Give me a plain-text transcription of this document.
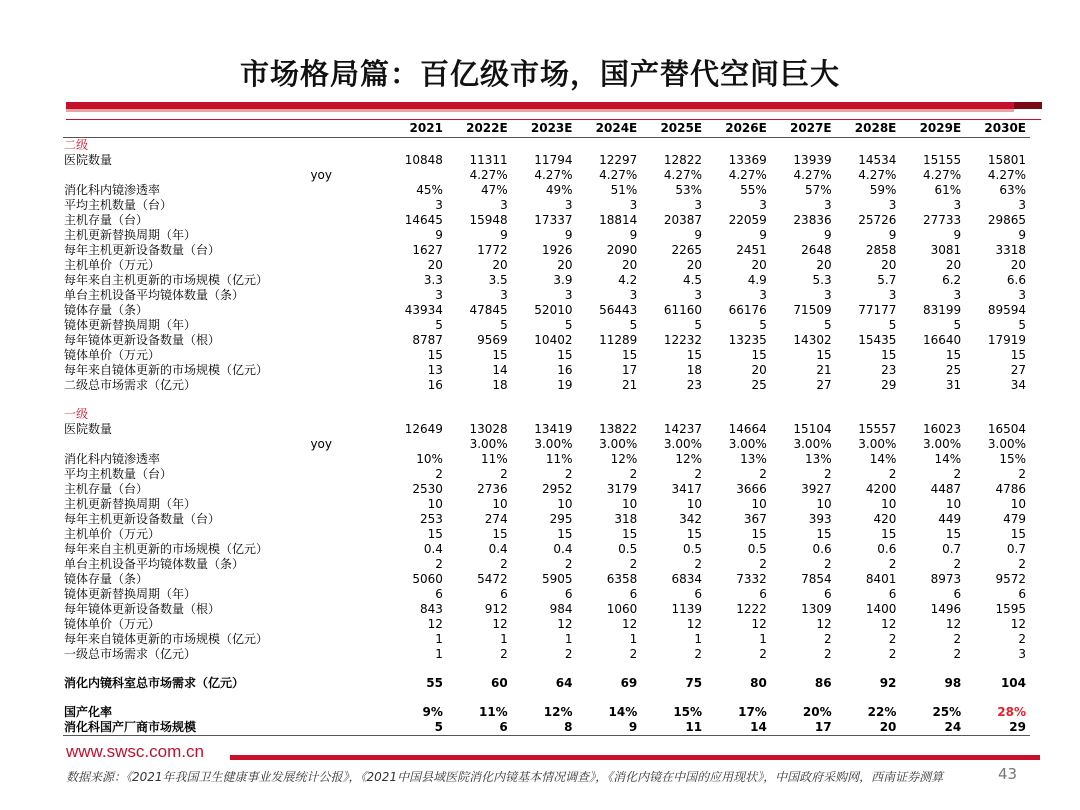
市场格局篇：百亿级市场，国产替代空间巨大
	2021	2022E	2023E	2024E	2025E	2026E	2027E	2028E	2029E	2030E
二级										
医院数量	10848	11311	11794	12297	12822	13369	13939	14534	15155	15801
yoy		4.27%	4.27%	4.27%	4.27%	4.27%	4.27%	4.27%	4.27%	4.27%
消化科内镜渗透率	45%	47%	49%	51%	53%	55%	57%	59%	61%	63%
平均主机数量（台）	3	3	3	3	3	3	3	3	3	3
主机存量（台）	14645	15948	17337	18814	20387	22059	23836	25726	27733	29865
主机更新替换周期（年）	9	9	9	9	9	9	9	9	9	9
每年主机更新设备数量（台）	1627	1772	1926	2090	2265	2451	2648	2858	3081	3318
主机单价（万元）	20	20	20	20	20	20	20	20	20	20
每年来自主机更新的市场规模（亿元）	3.3	3.5	3.9	4.2	4.5	4.9	5.3	5.7	6.2	6.6
单台主机设备平均镜体数量（条）	3	3	3	3	3	3	3	3	3	3
镜体存量（条）	43934	47845	52010	56443	61160	66176	71509	77177	83199	89594
镜体更新替换周期（年）	5	5	5	5	5	5	5	5	5	5
每年镜体更新设备数量（根）	8787	9569	10402	11289	12232	13235	14302	15435	16640	17919
镜体单价（万元）	15	15	15	15	15	15	15	15	15	15
每年来自镜体更新的市场规模（亿元）	13	14	16	17	18	20	21	23	25	27
二级总市场需求（亿元）	16	18	19	21	23	25	27	29	31	34

一级										
医院数量	12649	13028	13419	13822	14237	14664	15104	15557	16023	16504
yoy		3.00%	3.00%	3.00%	3.00%	3.00%	3.00%	3.00%	3.00%	3.00%
消化科内镜渗透率	10%	11%	11%	12%	12%	13%	13%	14%	14%	15%
平均主机数量（台）	2	2	2	2	2	2	2	2	2	2
主机存量（台）	2530	2736	2952	3179	3417	3666	3927	4200	4487	4786
主机更新替换周期（年）	10	10	10	10	10	10	10	10	10	10
每年主机更新设备数量（台）	253	274	295	318	342	367	393	420	449	479
主机单价（万元）	15	15	15	15	15	15	15	15	15	15
每年来自主机更新的市场规模（亿元）	0.4	0.4	0.4	0.5	0.5	0.5	0.6	0.6	0.7	0.7
单台主机设备平均镜体数量（条）	2	2	2	2	2	2	2	2	2	2
镜体存量（条）	5060	5472	5905	6358	6834	7332	7854	8401	8973	9572
镜体更新替换周期（年）	6	6	6	6	6	6	6	6	6	6
每年镜体更新设备数量（根）	843	912	984	1060	1139	1222	1309	1400	1496	1595
镜体单价（万元）	12	12	12	12	12	12	12	12	12	12
每年来自镜体更新的市场规模（亿元）	1	1	1	1	1	1	2	2	2	2
一级总市场需求（亿元）	1	2	2	2	2	2	2	2	2	3

消化内镜科室总市场需求（亿元）	55	60	64	69	75	80	86	92	98	104

国产化率	9%	11%	12%	14%	15%	17%	20%	22%	25%	28%
消化科国产厂商市场规模	5	6	8	9	11	14	17	20	24	29
www.swsc.com.cn
数据来源：《2021年我国卫生健康事业发展统计公报》，《2021中国县域医院消化内镜基本情况调查》，《消化内镜在中国的应用现状》，中国政府采购网，西南证券测算	43
